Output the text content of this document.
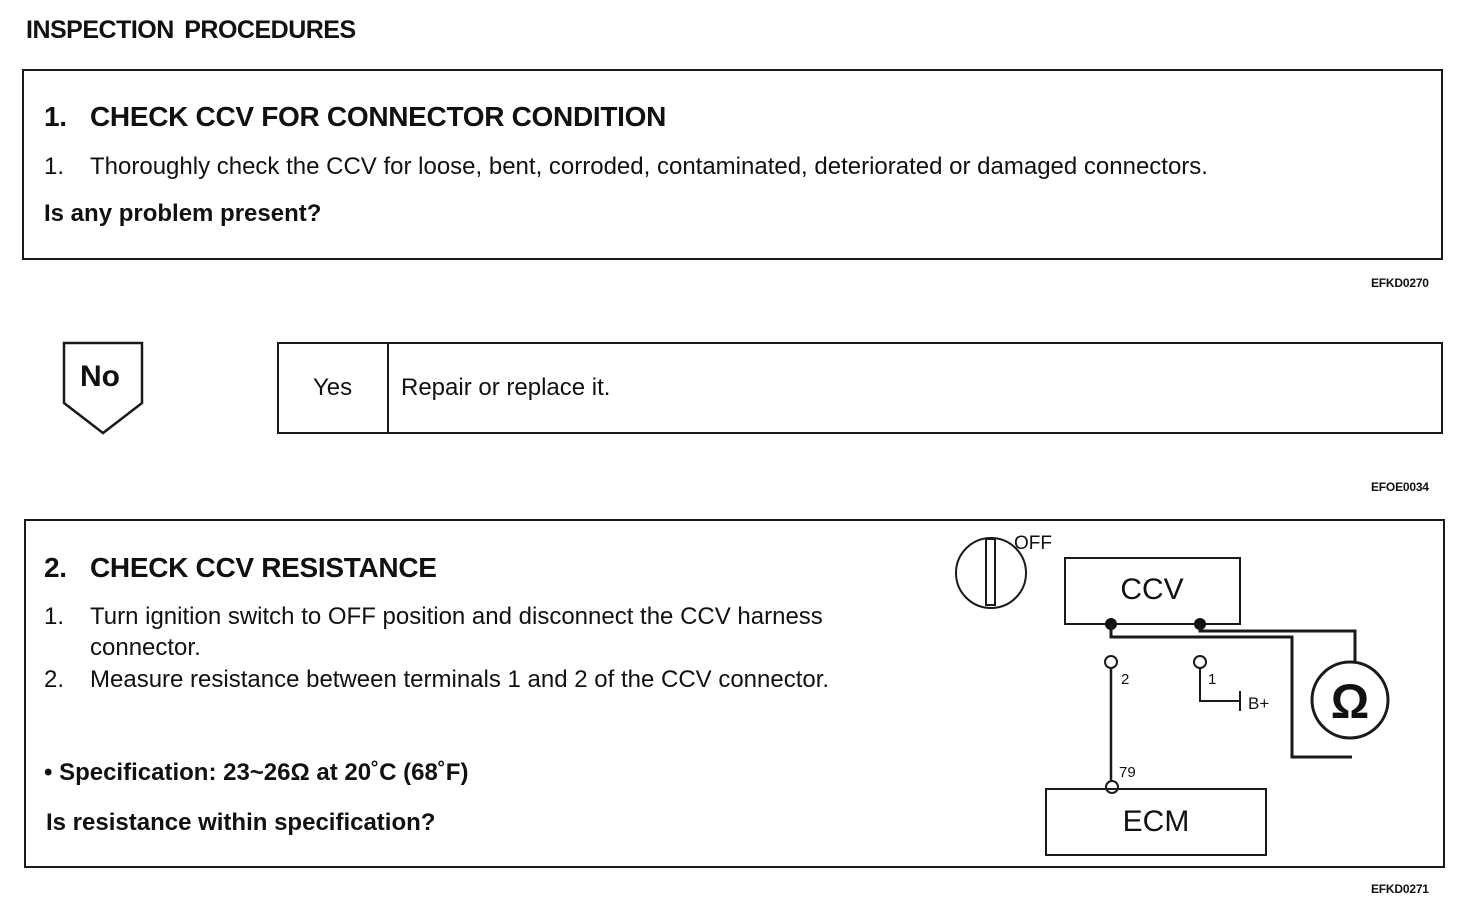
INSPECTION PROCEDURES
1. CHECK CCV FOR CONNECTOR CONDITION
1. Thoroughly check the CCV for loose, bent, corroded, contaminated, deteriorated or damaged connectors.
Is any problem present?
EFKD0270
No	Yes Repair or replace it.
EFOE0034
2. CHECK CCV RESISTANCE
1. Turn ignition switch to OFF position and disconnect the CCV harness connector.
2. Measure resistance between terminals 1 and 2 of the CCV connector.
Is resistance within specification?
• Specification: 23~26Ω at 20˚C (68˚F)
OFF
CCV
Ω
2	1
B+
79
ECM
EFKD0271
